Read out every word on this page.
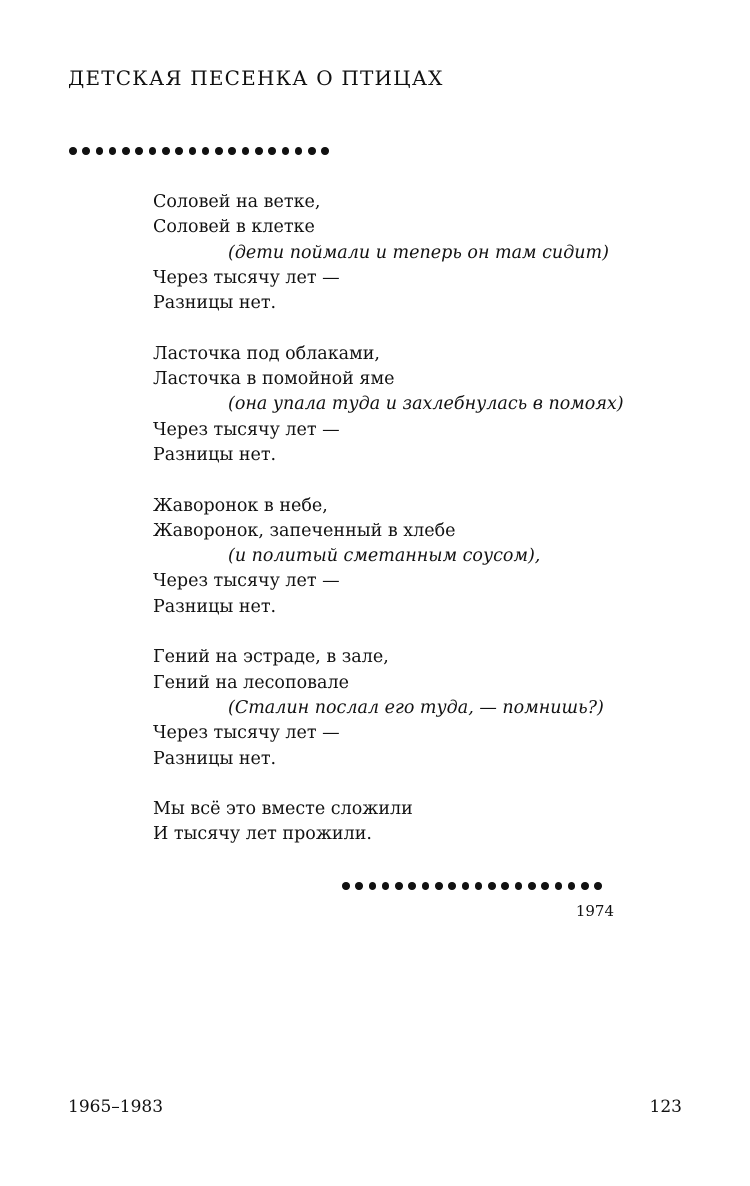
ДЕТСКАЯ ПЕСЕНКА О ПТИЦАХ
Соловей на ветке,
Соловей в клетке
(дети поймали и теперь он там сидит)
Через тысячу лет —
Разницы нет.
Ласточка под облаками,
Ласточка в помойной яме
(она упала туда и захлебнулась в помоях)
Через тысячу лет —
Разницы нет.
Жаворонок в небе,
Жаворонок, запеченный в хлебе
(и политый сметанным соусом),
Через тысячу лет —
Разницы нет.
Гений на эстраде, в зале,
Гений на лесоповале
(Сталин послал его туда, — помнишь?)
Через тысячу лет —
Разницы нет.
Мы всё это вместе сложили
И тысячу лет прожили.
1974
1965–1983	123
